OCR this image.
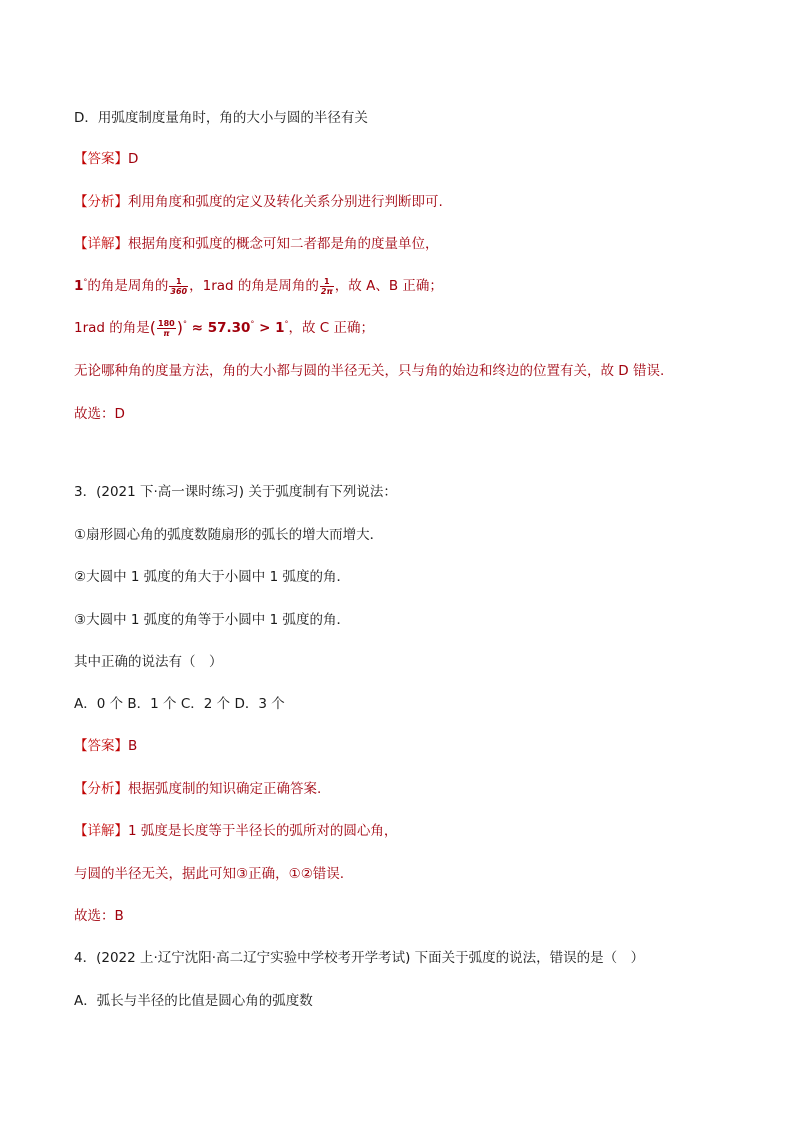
D．用弧度制度量角时，角的大小与圆的半径有关
【答案】D
【分析】利用角度和弧度的定义及转化关系分别进行判断即可.
【详解】根据角度和弧度的概念可知二者都是角的度量单位，
1°的角是周角的 $\frac{1}{360}$ ，1rad 的角是周角的 $\frac{1}{2\pi}$ ，故 A、B 正确；
1rad 的角是( $\frac{180}{\pi} )^\circ \approx 57.30^\circ > 1^\circ$，故 C 正确；
无论哪种角的度量方法，角的大小都与圆的半径无关，只与角的始边和终边的位置有关，故 D 错误.
故选：D
3．(2021 下·高一课时练习) 关于弧度制有下列说法：
①扇形圆心角的弧度数随扇形的弧长的增大而增大．
②大圆中 1 弧度的角大于小圆中 1 弧度的角．
③大圆中 1 弧度的角等于小圆中 1 弧度的角．
其中正确的说法有（　）
A．0 个 B．1 个 C．2 个 D．3 个
【答案】B
【分析】根据弧度制的知识确定正确答案.
【详解】1 弧度是长度等于半径长的弧所对的圆心角，
与圆的半径无关，据此可知③正确，①②错误.
故选：B
4．(2022 上·辽宁沈阳·高二辽宁实验中学校考开学考试) 下面关于弧度的说法，错误的是（　）
A．弧长与半径的比值是圆心角的弧度数
